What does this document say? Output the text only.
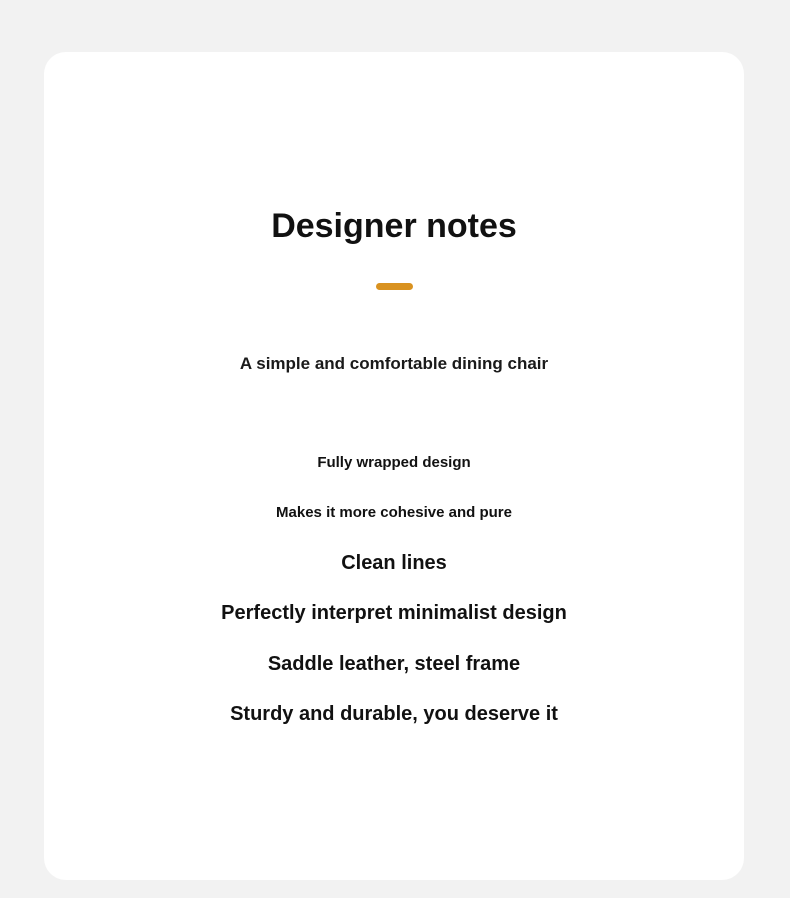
Designer notes
A simple and comfortable dining chair
Fully wrapped design
Makes it more cohesive and pure
Clean lines
Perfectly interpret minimalist design
Saddle leather, steel frame
Sturdy and durable, you deserve it
